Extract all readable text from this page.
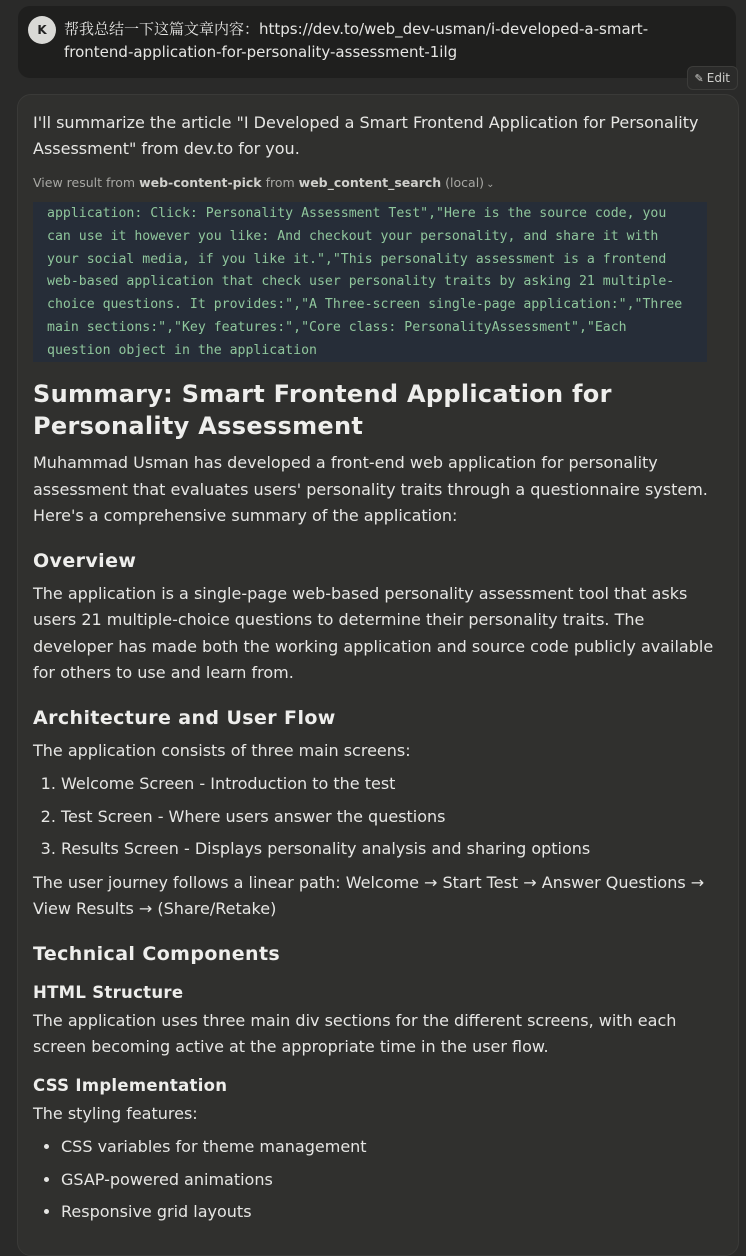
K	帮我总结一下这篇文章内容：https://dev.to/web_dev-usman/i-developed-a-smart-frontend-application-for-personality-assessment-1ilg
✎ Edit

I'll summarize the article "I Developed a Smart Frontend Application for Personality Assessment" from dev.to for you.

View result from web-content-pick from web_content_search (local) ⌄
application: Click: Personality Assessment Test","Here is the source code, you can use it however you like: And checkout your personality, and share it with your social media, if you like it.","This personality assessment is a frontend web-based application that check user personality traits by asking 21 multiple-choice questions. It provides:","A Three-screen single-page application:","Three main sections:","Key features:","Core class: PersonalityAssessment","Each question object in the application
Summary: Smart Frontend Application for Personality Assessment

Muhammad Usman has developed a front-end web application for personality assessment that evaluates users' personality traits through a questionnaire system. Here's a comprehensive summary of the application:

Overview

The application is a single-page web-based personality assessment tool that asks users 21 multiple-choice questions to determine their personality traits. The developer has made both the working application and source code publicly available for others to use and learn from.

Architecture and User Flow

The application consists of three main screens:

1. Welcome Screen - Introduction to the test
2. Test Screen - Where users answer the questions
3. Results Screen - Displays personality analysis and sharing options

The user journey follows a linear path: Welcome → Start Test → Answer Questions → View Results → (Share/Retake)

Technical Components
HTML Structure

The application uses three main div sections for the different screens, with each screen becoming active at the appropriate time in the user flow.

CSS Implementation

The styling features:

• CSS variables for theme management
• GSAP-powered animations
• Responsive grid layouts
